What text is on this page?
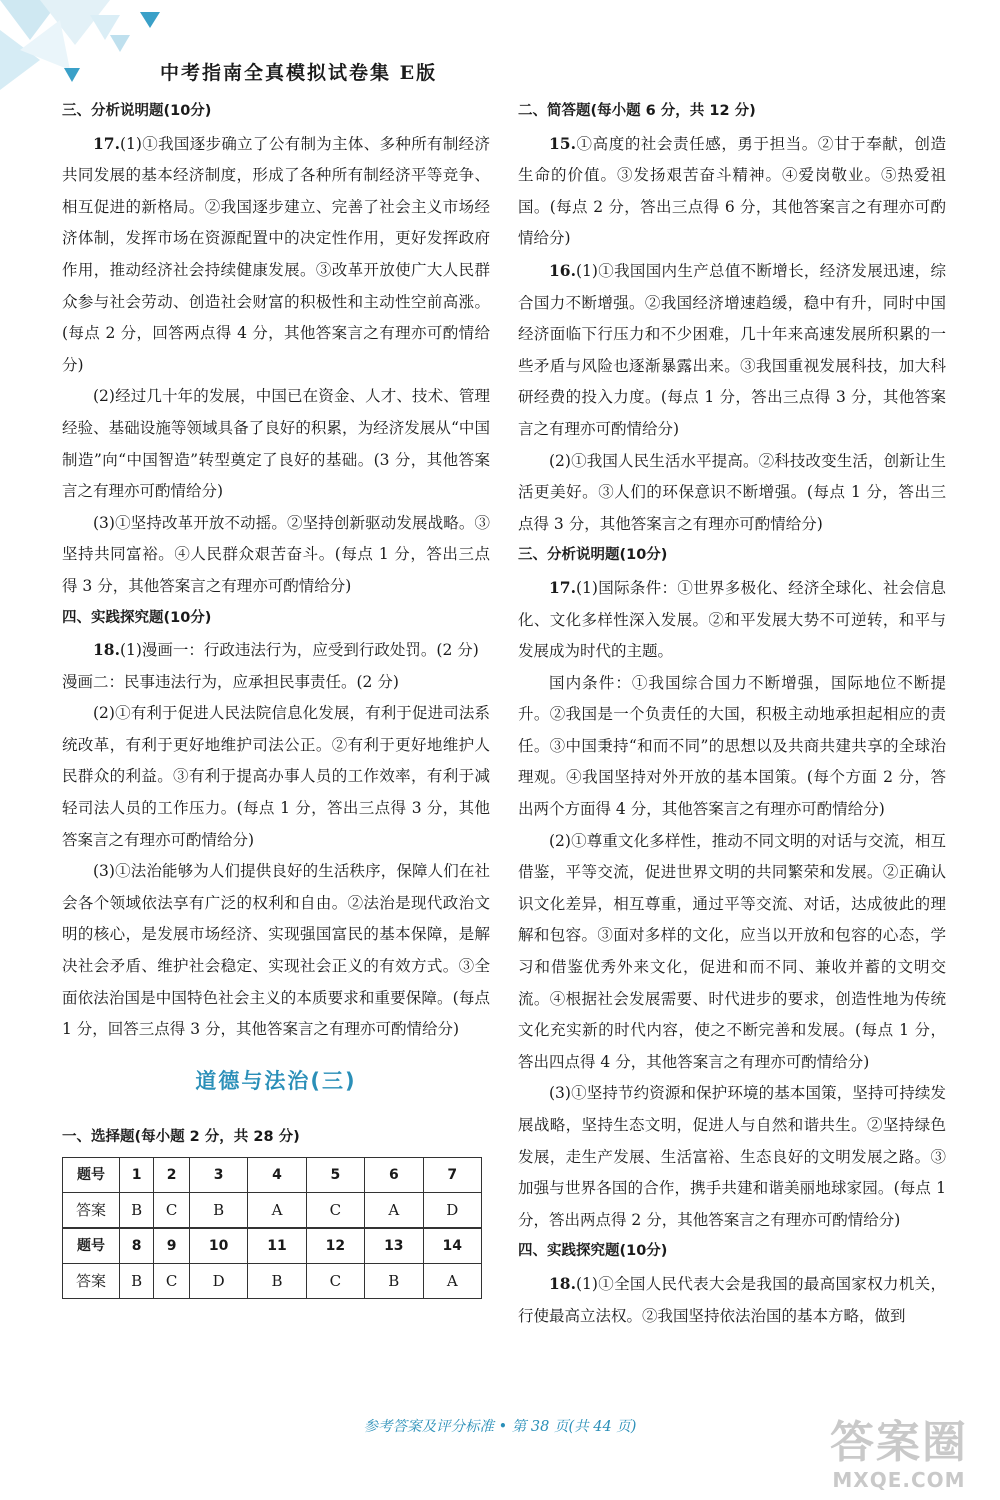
中考指南全真模拟试卷集 E版

三、分析说明题(10分)

17.(1)①我国逐步确立了公有制为主体、多种所有制经济共同发展的基本经济制度，形成了各种所有制经济平等竞争、相互促进的新格局。②我国逐步建立、完善了社会主义市场经济体制，发挥市场在资源配置中的决定性作用，更好发挥政府作用，推动经济社会持续健康发展。③改革开放使广大人民群众参与社会劳动、创造社会财富的积极性和主动性空前高涨。(每点 2 分，回答两点得 4 分，其他答案言之有理亦可酌情给分)

(2)经过几十年的发展，中国已在资金、人才、技术、管理经验、基础设施等领域具备了良好的积累，为经济发展从“中国制造”向“中国智造”转型奠定了良好的基础。(3 分，其他答案言之有理亦可酌情给分)

(3)①坚持改革开放不动摇。②坚持创新驱动发展战略。③坚持共同富裕。④人民群众艰苦奋斗。(每点 1 分，答出三点得 3 分，其他答案言之有理亦可酌情给分)

四、实践探究题(10分)

18.(1)漫画一：行政违法行为，应受到行政处罚。(2 分)

漫画二：民事违法行为，应承担民事责任。(2 分)

(2)①有利于促进人民法院信息化发展，有利于促进司法系统改革，有利于更好地维护司法公正。②有利于更好地维护人民群众的利益。③有利于提高办事人员的工作效率，有利于减轻司法人员的工作压力。(每点 1 分，答出三点得 3 分，其他答案言之有理亦可酌情给分)

(3)①法治能够为人们提供良好的生活秩序，保障人们在社会各个领域依法享有广泛的权利和自由。②法治是现代政治文明的核心，是发展市场经济、实现强国富民的基本保障，是解决社会矛盾、维护社会稳定、实现社会正义的有效方式。③全面依法治国是中国特色社会主义的本质要求和重要保障。(每点 1 分，回答三点得 3 分，其他答案言之有理亦可酌情给分)

道德与法治(三)

一、选择题(每小题 2 分，共 28 分)

题号	1	2	3	4	5	6	7
答案	B	C	B	A	C	A	D
题号	8	9	10	11	12	13	14
答案	B	C	D	B	C	B	A

二、简答题(每小题 6 分，共 12 分)

15.①高度的社会责任感，勇于担当。②甘于奉献，创造生命的价值。③发扬艰苦奋斗精神。④爱岗敬业。⑤热爱祖国。(每点 2 分，答出三点得 6 分，其他答案言之有理亦可酌情给分)

16.(1)①我国国内生产总值不断增长，经济发展迅速，综合国力不断增强。②我国经济增速趋缓，稳中有升，同时中国经济面临下行压力和不少困难，几十年来高速发展所积累的一些矛盾与风险也逐渐暴露出来。③我国重视发展科技，加大科研经费的投入力度。(每点 1 分，答出三点得 3 分，其他答案言之有理亦可酌情给分)

(2)①我国人民生活水平提高。②科技改变生活，创新让生活更美好。③人们的环保意识不断增强。(每点 1 分，答出三点得 3 分，其他答案言之有理亦可酌情给分)

三、分析说明题(10分)

17.(1)国际条件：①世界多极化、经济全球化、社会信息化、文化多样性深入发展。②和平发展大势不可逆转，和平与发展成为时代的主题。

国内条件：①我国综合国力不断增强，国际地位不断提升。②我国是一个负责任的大国，积极主动地承担起相应的责任。③中国秉持“和而不同”的思想以及共商共建共享的全球治理观。④我国坚持对外开放的基本国策。(每个方面 2 分，答出两个方面得 4 分，其他答案言之有理亦可酌情给分)

(2)①尊重文化多样性，推动不同文明的对话与交流，相互借鉴，平等交流，促进世界文明的共同繁荣和发展。②正确认识文化差异，相互尊重，通过平等交流、对话，达成彼此的理解和包容。③面对多样的文化，应当以开放和包容的心态，学习和借鉴优秀外来文化，促进和而不同、兼收并蓄的文明交流。④根据社会发展需要、时代进步的要求，创造性地为传统文化充实新的时代内容，使之不断完善和发展。(每点 1 分，答出四点得 4 分，其他答案言之有理亦可酌情给分)

(3)①坚持节约资源和保护环境的基本国策，坚持可持续发展战略，坚持生态文明，促进人与自然和谐共生。②坚持绿色发展，走生产发展、生活富裕、生态良好的文明发展之路。③加强与世界各国的合作，携手共建和谐美丽地球家园。(每点 1 分，答出两点得 2 分，其他答案言之有理亦可酌情给分)

四、实践探究题(10分)

18.(1)①全国人民代表大会是我国的最高国家权力机关，行使最高立法权。②我国坚持依法治国的基本方略，做到

参考答案及评分标准 • 第 38 页(共 44 页)	答案圈
MXQE.COM
